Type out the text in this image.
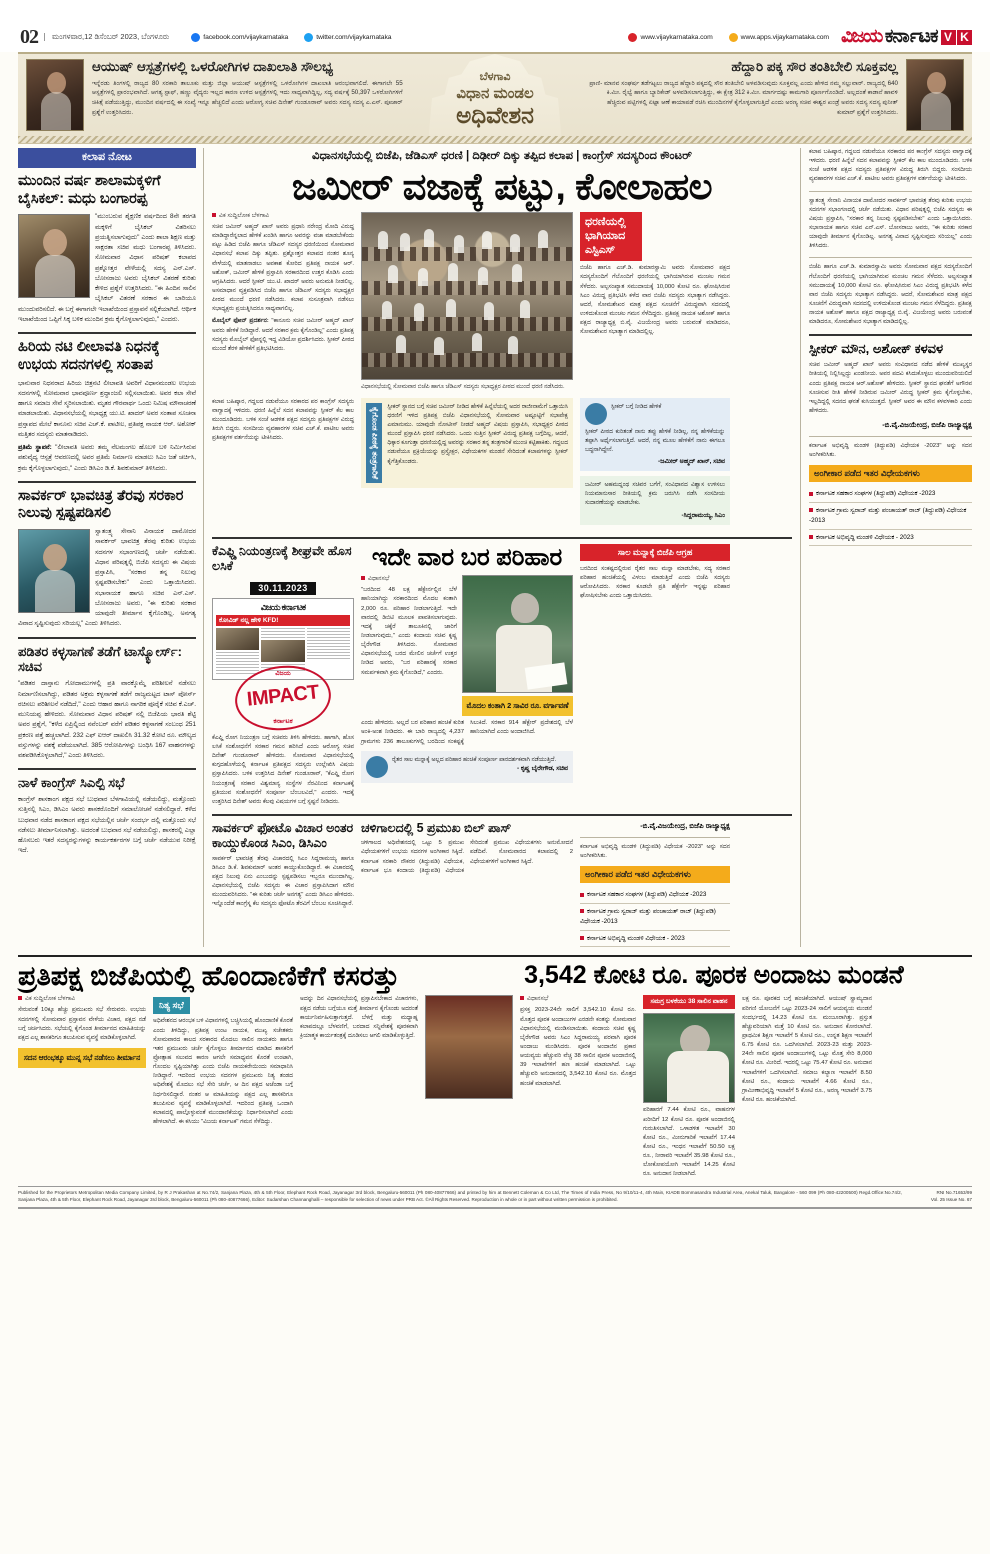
02	ಮಂಗಳವಾರ,12 ಡಿಸೆಂಬರ್ 2023, ಬೆಂಗಳೂರು	facebook.com/vijaykarnataka	twitter.com/vijaykarnataka	www.vijaykarnataka.com	www.apps.vijaykarnataka.com ವಿಜಯ ಕರ್ನಾಟಕ V K
ಆಯುಷ್ ಆಸ್ಪತ್ರೆಗಳಲ್ಲಿ ಒಳರೋಗಿಗಳ ದಾಖಲಾತಿ ಸೌಲಭ್ಯ
ಇನ್ನೆರಡು ತಿಂಗಳಲ್ಲಿ ರಾಜ್ಯದ 80 ಸರಕಾರಿ ತಾಲೂಕು ಮತ್ತು ಜಿಲ್ಲಾ ಆಯುಷ್ ಆಸ್ಪತ್ರೆಗಳಲ್ಲಿ ಒಳರೋಗಿಗಳ ದಾಖಲಾತಿ ಆರಂಭವಾಗಲಿದೆ. ಈಗಾಗಲೇ 55 ಆಸ್ಪತ್ರೆಗಳಲ್ಲಿ ಪ್ರಾರಂಭವಾಗಿದೆ. ಆಗತ್ಯ ಸ್ಟಾಫ್, ಹಣ್ಣು ವೈದ್ಯರು ಇಲ್ಲದ ಕಾರಣ ಉಳಿದ ಆಸ್ಪತ್ರೆಗಳಲ್ಲಿ ಇದು ಸಾಧ್ಯವಾಗಿದ್ದಿಲ್ಲ, ಸದ್ಯ ವರ್ಷಕ್ಕೆ 50,397 ಒಳರೋಗಿಗಳಿಗೆ ಚಿಕಿತ್ಸೆ ಪಡೆಯುತ್ತಿದ್ದು, ಮುಂದಿನ ವರ್ಷದಲ್ಲಿ ಈ ಸಂಖ್ಯೆ ಇನ್ನೂ ಹೆಚ್ಚಲಿದೆ ಎಂದು ಆರೋಗ್ಯ ಸಚಿವ ದಿನೇಶ್ ಗುಂಡೂರಾವ್ ಅವರು ಸದಸ್ಯ ಸದಸ್ಯ ಎ.ಎಸ್. ಪೂಜಾರ್ ಪ್ರಶ್ನೆಗೆ ಉತ್ತರಿಸಿದರು.
ಬೆಳಗಾವಿ
ವಿಧಾನ ಮಂಡಲ
ಅಧಿವೇಶನ
ಹೆದ್ದಾರಿ ಪಕ್ಕ ಸೌರ ತಂತಿಬೇಲಿ ಸೂಕ್ತವಲ್ಲ
ಪ್ರಾಣಿ- ಮಾನವ ಸಂಘರ್ಷ ತಡೆಗಟ್ಟಲು ರಾಜ್ಯದ ಹೆದ್ದಾರಿ ಪಕ್ಕದಲ್ಲಿ ಸೌರ ತಂತಿಬೇಲಿ ಅಳವಡಿಸುವುದು ಸೂಕ್ತವಲ್ಲ ಎಂದು ಹೇಳಿದ ನಮ್ಮ ಸಲ್ಲುವಾರ್. ರಾಜ್ಯದಲ್ಲಿ 640 ಕಿ.ಮೀ. ರೈಲ್ವೆ ಹಾಗೂ ಬ್ಯಾರಿಕೇಡ್ ಅಳವಡಿಸಲಾಗುತ್ತಿದ್ದು, ಈ ಕ್ಷೇತ್ರ 312 ಕಿ.ಮೀ. ಮಾರ್ಗದಷ್ಟು ಕಾಮಗಾರಿ ಪೂರ್ಣಗೊಂಡಿದೆ. ಅಲ್ಲದಂತೆ ಕಾಡಾನೆ ಹಾವಳಿ ಹೆಚ್ಚಿರುವ ಪಟ್ಟಿಗಳಲ್ಲಿ ಏಟ್ಟಾ ಆಣೆ ಕಾಯಾಪಡೆ ರಚಿಸಿ ಮುಂದಿನಗಳೆ ಕೈಗೊಳ್ಳಲಾಗುತ್ತಿದೆ ಎಂದು ಅರಣ್ಯ ಸಚಿವ ಈಶ್ವರ ಖಂಡ್ರೆ ಅವರು ಸದಸ್ಯ ಸದಸ್ಯ ಪುನೀತ್ ಕುಮಾರ್ ಪ್ರಶ್ನೆಗೆ ಉತ್ತರಿಸಿದರು.
ಕಲಾಪ ನೋಟ
ಮುಂದಿನ ವರ್ಷ ಶಾಲಾಮಕ್ಕಳಿಗೆ ಬೈಸಿಕಲ್: ಮಧು ಬಂಗಾರಪ್ಪ
"ಮುಂಬರುವ ಶೈಕ್ಷಣಿಕ ವರ್ಷದಿಂದ 8ನೇ ತರಗತಿ ಮಕ್ಕಳಿಗೆ ಬೈಸಿಕಲ್ ವಿತರಿಸಲು ಪ್ರಯತ್ನಿಸಲಾಗುವುದು" ಎಂದು ಶಾಲಾ ಶಿಕ್ಷಣ ಮತ್ತು ಸಾಕ್ಷರತಾ ಸಚಿವ ಮಧು ಬಂಗಾರಪ್ಪ ತಿಳಿಸಿದರು. ಸೋಮವಾರ ವಿಧಾನ ಪರಿಷತ್ ಕಲಾಪದ ಪ್ರಶ್ನೋತ್ತರ ವೇಳೆಯಲ್ಲಿ ಸದಸ್ಯ ಎನ್.ಎಸ್. ಬೋಸರಾಜು ಅವರು ಬೈಸಿಕಲ್ ವಿತರಣೆ ಕುರಿತು ಕೇಳಿದ ಪ್ರಶ್ನೆಗೆ ಉತ್ತರಿಸಿದರು. "ಈ ಹಿಂದಿನ ಸಾಲಿನ ಬೈಸಿಕಲ್ ವಿತರಣೆ ಸರಕಾರ ಈ ಬಾರಿಯೂ ಮುಂದುವರಿಸಲಿದೆ. ಈ ಬಗ್ಗೆ ಈಗಾಗಲೇ ಇಲಾಖೆಯಿಂದ ಪ್ರಸ್ತಾವನೆ ಸಲ್ಲಿಕೆಯಾಗಿದೆ. ಆರ್ಥಿಕ ಇಲಾಖೆಯಿಂದ ಒಪ್ಪಿಗೆ ಸಿಕ್ಕ ಬಳಿಕ ಮುಂದಿನ ಕ್ರಮ ಕೈಗೊಳ್ಳಲಾಗುವುದು," ಎಂದರು.
ಹಿರಿಯ ನಟಿ ಲೀಲಾವತಿ ನಿಧನಕ್ಕೆ ಉಭಯ ಸದನಗಳಲ್ಲಿ ಸಂತಾಪ
ಭಾನುವಾರ ನಿಧನರಾದ ಹಿರಿಯ ಚಿತ್ರನಟಿ ಲೀಲಾವತಿ ಅವರಿಗೆ ವಿಧಾನಮಂಡಲ ಉಭಯ ಸದನಗಳಲ್ಲಿ ಸೋಮವಾರ ಭಾವಪೂರ್ಣ ಶ್ರದ್ಧಾಂಜಲಿ ಸಲ್ಲಿಸಲಾಯಿತು. ಅವರ ಕಲಾ ಸೇವೆ ಹಾಗೂ ಸಮಾಜ ಸೇವೆ ಸ್ಮರಿಸಲಾಯಿತು. ಮೃತರ ಗೌರವಾರ್ಥ ಒಂದು ನಿಮಿಷ ಮೌನಾಚರಣೆ ಮಾಡಲಾಯಿತು. ವಿಧಾನಸಭೆಯಲ್ಲಿ ಸಭಾಧ್ಯಕ್ಷ ಯು.ಟಿ. ಖಾದರ್ ಅವರ ಸಂತಾಪ ಸೂಚನಾ ಪ್ರಸ್ತಾಪದ ಮೇಲೆ ಕಾನೂನು ಸಚಿವ ಎಚ್.ಕೆ. ಪಾಟೀಲ, ಪ್ರತಿಪಕ್ಷ ನಾಯಕ ಆರ್. ಅಶೋಕ್ ಮತ್ತಿತರ ಸದಸ್ಯರು ಮಾತನಾಡಿದರು.
ಪ್ರತಿಮೆ ಸ್ಥಾಪನೆ: "ಲೀಲಾವತಿ ಅವರು ತಮ್ಮ ನೆಲಮಂಗಲ ಹೊಬಳಿ ಬಳಿ ನಿರ್ಮಿಸಿರುವ ಪಶುವೈದ್ಯ ಆಸ್ಪತ್ರೆ ಆವರಣದಲ್ಲಿ ಅವರ ಪ್ರತಿಮೆ ನಿರ್ಮಾಣ ಮಾಡಲು ಸಿಎಂ ಜತೆ ಚರ್ಚಿಸಿ, ಕ್ರಮ ಕೈಗೊಳ್ಳಲಾಗುವುದು," ಎಂದು ಡಿಸಿಎಂ ಡಿ.ಕೆ. ಶಿವಕುಮಾರ್ ತಿಳಿಸಿದರು.
ಸಾವರ್ಕರ್ ಭಾವಚಿತ್ರ ತೆರವು ಸರಕಾರ ನಿಲುವು ಸ್ಪಷ್ಟಪಡಿಸಲಿ
ಸ್ವಾತಂತ್ರ್ಯ ಸೇನಾನಿ ವಿನಾಯಕ ದಾಮೋದರ ಸಾವರ್ಕರ್ ಭಾವಚಿತ್ರ ತೆರವು ಕುರಿತು ಉಭಯ ಸದನಗಳ ಸಭಾಂಗಣದಲ್ಲಿ ಚರ್ಚೆ ನಡೆಯಿತು. ವಿಧಾನ ಪರಿಷತ್ನಲ್ಲಿ ಬಿಜೆಪಿ ಸದಸ್ಯರು ಈ ವಿಷಯ ಪ್ರಸ್ತಾಪಿಸಿ, "ಸರಕಾರ ತನ್ನ ನಿಲುವು ಸ್ಪಷ್ಟಪಡಿಸಬೇಕು" ಎಂದು ಒತ್ತಾಯಿಸಿದರು. ಸಭಾನಾಯಕ ಹಾಗೂ ಸಚಿವ ಎನ್.ಎಸ್. ಬೋಸರಾಜು ಅವರು, "ಈ ಕುರಿತು ಸರಕಾರ ಯಾವುದೇ ತೀರ್ಮಾನ ಕೈಗೊಂಡಿಲ್ಲ. ಅನಗತ್ಯ ವಿವಾದ ಸೃಷ್ಟಿಸುವುದು ಸರಿಯಲ್ಲ" ಎಂದು ತಿಳಿಸಿದರು.
ಪಡಿತರ ಕಳ್ಳಸಾಗಣೆ ತಡೆಗೆ ಟಾಸ್ಕ್ಫೋರ್ಸ್: ಸಚಿವ
"ಪಡಿತರ ದಾಸ್ತಾನು ಗೋದಾಮುಗಳಲ್ಲಿ ಪ್ರತಿ ವಾರಕ್ಕೊಮ್ಮೆ ಪರಿಶೀಲನೆ ನಡೆಸಲು ನಿರ್ಮಾಣಿಸಲಾಗಿದ್ದು, ಪಡಿತರ ಅಕ್ರಮ ಕಳ್ಳಸಾಗಣೆ ತಡೆಗೆ ರಾಜ್ಯಮಟ್ಟದ ಟಾಸ್ ಪೋರ್ಸ್ ರಚಿಸಲು ಪರಿಶೀಲನೆ ನಡೆದಿದೆ," ಎಂದು ಆಹಾರ ಹಾಗೂ ನಾಗರಿಕ ಪೂರೈಕೆ ಸಚಿವ ಕೆ.ಎಚ್. ಮುನಿಯಪ್ಪ ಹೇಳಿದರು. ಸೋಮವಾರ ವಿಧಾನ ಪರಿಷತ್ ನಲ್ಲಿ ಬಿಜೆಪಿಯ ಭಾರತಿ ಶೆಟ್ಟಿ ಅವರ ಪ್ರಶ್ನೆಗೆ, "ಕಳೆದ ಏಪ್ರಿಲ್ನಿಂದ ನವೆಂಬರ್ ವರೆಗೆ ಪಡಿತರ ಕಳ್ಳಸಾಗಣೆ ಸಂಬಂಧ 251 ಪ್ರಕರಣ ಪತ್ತೆ ಹಚ್ಚಲಾಗಿದೆ. 232 ಎಫ್ ಐಆರ್ ದಾಖಲಿಸಿ 31.32 ಕೋಟಿ ರೂ. ಮೌಲ್ಯದ ವಸ್ತುಗಳನ್ನು ವಶಕ್ಕೆ ಪಡೆಯಲಾಗಿದೆ. 385 ಆರೋಪಿಗಳನ್ನು ಬಂಧಿಸಿ 167 ವಾಹನಗಳನ್ನು ವಶಪಡಿಸಿಕೊಳ್ಳಲಾಗಿದೆ," ಎಂದು ತಿಳಿಸಿದರು.
ನಾಳೆ ಕಾಂಗ್ರೆಸ್ ಸಿಎಲ್ಪಿ ಸಭೆ
ಕಾಂಗ್ರೆಸ್ ಶಾಸಕಾಂಗ ಪಕ್ಷದ ಸಭೆ ಬುಧವಾರ ಬೆಳಗಾವಿಯಲ್ಲಿ ನಡೆಯಲಿದ್ದು, ಮತ್ತೊಂದು ಸುತ್ತಿನಲ್ಲಿ ಸಿಎಂ, ಡಿಸಿಎಂ ಅವರು ಶಾಸಕರೊಂದಿಗೆ ಸಮಾಲೋಚನೆ ನಡೆಸಲಿದ್ದಾರೆ. ಕಳೆದ ಬುಧವಾರ ನಡೆದ ಶಾಸಕಾಂಗ ಪಕ್ಷದ ಸಭೆಯಲ್ಲಿನ ಚರ್ಚೆ ಸಂದರ್ಭ ದಲ್ಲಿ ಮತ್ತೊಂದು ಸಭೆ ನಡೆಸಲು ತೀರ್ಮಾನಿಸಲಾಗಿತ್ತು. ಅದರಂತೆ ಬುಧವಾರ ಸಭೆ ನಡೆಯಲಿದ್ದು, ಶಾಸಕರಲ್ಲಿ ಎಲ್ಲಾ ಹೊಸಬರು ಇತರೆ ಸದಸ್ಯರನ್ನುಗಳನ್ನು ಕಾರ್ಯಕರ್ತರಗಳ ಬಗ್ಗೆ ಚರ್ಚೆ ನಡೆಯುವ ನಿರೀಕ್ಷೆ ಇದೆ.
ವಿಧಾನಸಭೆಯಲ್ಲಿ ಬಿಜೆಪಿ, ಜೆಡಿಎಸ್ ಧರಣಿ | ದಿಢೀರ್ ದಿಕ್ಕು ತಪ್ಪಿದ ಕಲಾಪ | ಕಾಂಗ್ರೆಸ್ ಸದಸ್ಯರಿಂದ ಕೌಂಟರ್
ಜಮೀರ್ ವಜಾಕ್ಕೆ ಪಟ್ಟು, ಕೋಲಾಹಲ
ವಿಕ ಸುದ್ದಿಲೋಕ ಬೆಳಗಾವಿ
ಸಚಿವ ಜಮೀರ್ ಅಹ್ಮದ್ ಖಾನ್ ಅವರು ಪ್ರಧಾನಿ ನರೇಂದ್ರ ಮೋದಿ ವಿರುದ್ಧ ಮಾಡಿದ್ದಾರೆನ್ನಲಾದ ಹೇಳಿಕೆ ಖಂಡಿಸಿ ಹಾಗೂ ಅವರನ್ನು ವಜಾ ಮಾಡಬೇಕೆಂದು ಪಟ್ಟು ಹಿಡಿದ ಬಿಜೆಪಿ ಹಾಗೂ ಜೆಡಿಎಸ್ ಸದಸ್ಯರ ಧರಣಿಯಿಂದ ಸೋಮವಾರ ವಿಧಾನಸಭೆ ಕಲಾಪ ದಿಕ್ಕು ತಪ್ಪಿತು. ಪ್ರಶ್ನೋತ್ತರ ಕಲಾಪದ ನಂತರ ಶೂನ್ಯ ವೇಳೆಯಲ್ಲಿ ಮಾತನಾಡಲು ಅವಕಾಶ ಕೋರಿದ ಪ್ರತಿಪಕ್ಷ ನಾಯಕ ಆರ್. ಅಶೋಕ್, ಜಮೀರ್ ಹೇಳಿಕೆ ಪ್ರಸ್ತಾಪಿಸಿ ಸರಕಾರದಿಂದ ಉತ್ತರ ಕೊಡಿಸಿ ಎಂದು ಆಗ್ರಹಿಸಿದರು. ಆದರೆ ಸ್ಪೀಕರ್ ಯು.ಟಿ. ಖಾದರ್ ಅವರು ಅನುಮತಿ ನೀಡಲಿಲ್ಲ. ಅಸಮಾಧಾನ ವ್ಯಕ್ತಪಡಿಸಿದ ಬಿಜೆಪಿ ಹಾಗೂ ಜೆಡಿಎಸ್ ಸದಸ್ಯರು ಸಭಾಧ್ಯಕ್ಷರ ಪೀಠದ ಮುಂದೆ ಧರಣಿ ನಡೆಸಿದರು. ಕಲಾಪ ಸುಸೂತ್ರವಾಗಿ ನಡೆಸಲು ಸಭಾಧ್ಯಕ್ಷರು ಪ್ರಯತ್ನಿಸಿದರೂ ಸಾಧ್ಯವಾಗಲಿಲ್ಲ.
ಮೊಬೈಲ್ ಫೋನ್ ಪ್ರದರ್ಶನ: "ಕಾನೂನು ಸಚಿವ ಜಮೀರ್ ಅಹ್ಮದ್ ಖಾನ್ ಅವರು ಹೇಳಿಕೆ ನೀಡಿದ್ದಾರೆ. ಆದರೆ ಸರಕಾರ ಕ್ರಮ ಕೈಗೊಂಡಿಲ್ಲ" ಎಂದು ಪ್ರತಿಪಕ್ಷ ಸದಸ್ಯರು ಮೊಬೈಲ್ ಫೋನ್ನಲ್ಲಿ ಇದ್ದ ವಿಡಿಯೋ ಪ್ರದರ್ಶಿಸಿದರು. ಸ್ಪೀಕರ್ ಪೀಠದ ಮುಂದೆ ತೆರಳಿ ಹೇಳಿಕೆಗೆ ಪ್ರತಿಭಟಿಸಿದರು.
ವಿಧಾನಸಭೆಯಲ್ಲಿ ಸೋಮವಾರ ಬಿಜೆಪಿ ಹಾಗೂ ಜೆಡಿಎಸ್ ಸದಸ್ಯರು ಸಭಾಧ್ಯಕ್ಷರ ಪೀಠದ ಮುಂದೆ ಧರಣಿ ನಡೆಸಿದರು.
ಧರಣಿಯಲ್ಲಿ ಭಾಗಿಯಾದ ಎಸ್ಟಿಎಸ್
ಬಿಜೆಪಿ ಹಾಗೂ ಎಚ್.ಡಿ. ಕುಮಾರಸ್ವಾಮಿ ಅವರು ಸೋಮವಾರ ಪಕ್ಷದ ಸದಸ್ಯರೊಂದಿಗೆ ಗೆಲೊಂದಿಗೆ ಧರಣಿಯಲ್ಲಿ ಭಾಗಿಯಾಗಿರುವ ಮಂಚಲ ಗಮನ ಸೆಳೆದರು. ಅಲ್ಪಸಂಖ್ಯಾತ ಸಮುದಾಯಕ್ಕೆ 10,000 ಕೋಟಿ ರೂ. ಘೋಷಿಸಿರುವ ಸಿಎಂ ವಿರುದ್ಧ ಪ್ರತಿಭಟಿಸಿ ಕಳೆದ ವಾರ ಬಿಜೆಪಿ ಸದಸ್ಯರು ಸಭಾತ್ಯಾಗ ನಡೆಸಿದ್ದರು. ಆದರೆ, ಸೋಮಶೇಖರ ಮಾತ್ರ ಪಕ್ಷದ ಸೂಚನೆಗೆ ವಿರುದ್ಧವಾಗಿ ಸದನದಲ್ಲಿ ಉಳಿದುಕೊಂಡ ಮಂಚಲ ಗಮನ ಸೆಳೆದಿದ್ದರು. ಪ್ರತಿಪಕ್ಷ ನಾಯಕ ಅಶೋಕ್ ಹಾಗೂ ಪಕ್ಷದ ರಾಜ್ಯಾಧ್ಯಕ್ಷ ಬಿ.ವೈ. ವಿಜಯೇಂದ್ರ ಅವರು ಬರುವಂತೆ ಮಾಡಿದರೂ, ಸೋಮಶೇಖರ ಸಭಾತ್ಯಾಗ ಮಾಡಿದಲ್ಲಿಲ್ಲ.
ಕಲಾಪ ಬಹಿಷ್ಕಾರ, ಗದ್ದಲದ ನಡುವೆಯೂ ಸರಕಾರದ ಪರ ಕಾಂಗ್ರೆಸ್ ಸದಸ್ಯರು ವಾಗ್ವಾದಕ್ಕೆ ಇಳಿದರು. ಧರಣಿ ಹಿನ್ನೆಲೆ ಸದನ ಕಲಾಪವನ್ನು ಸ್ಪೀಕರ್ ಕೆಲ ಕಾಲ ಮುಂದೂಡಿದರು. ಬಳಿಕ ಸಂಜೆ ಆಡಳಿತ ಪಕ್ಷದ ಸದಸ್ಯರು ಪ್ರತಿಪಕ್ಷಗಳ ವಿರುದ್ಧ ತಿರುಗಿ ಬಿದ್ದರು. ಸಂಸದೀಯ ವ್ಯವಹಾರಗಳ ಸಚಿವ ಎಚ್.ಕೆ. ಪಾಟೀಲ ಅವರು ಪ್ರತಿಪಕ್ಷಗಳ ವರ್ತನೆಯನ್ನು ಟೀಕಿಸಿದರು.	ಕೈಗೊಂಡ ಪೀಠಕ್ಕೆ ತಂತ್ರಗಾರಿಕೆ	ಸ್ಪೀಕರ್ ಸ್ಥಾನದ ಬಗ್ಗೆ ಸಚಿವ ಜಮೀರ್ ನೀಡಿದ ಹೇಳಿಕೆ ಹಿನ್ನೆಲೆಯಲ್ಲಿ ಅದರ ರಾಜೀನಾಮೆಗೆ ಒತ್ತಾಯಿಸಿ ಧರಣಿಗೆ ಇಳಿದ ಪ್ರತಿಪಕ್ಷ ಬಿಜೆಪಿ ವಿಧಾನಸಭೆಯಲ್ಲಿ ಸೋಮವಾರ ಅಷ್ಟೂಟ್ಟಿಗೆ ಸಭಾಪೇಕ್ಷ ಎಮಾನುಮು. ಯಾವುದೇ ನೋಟೀಸ್ ನೀಡದೆ ಅಹ್ಮದ್ ವಿಷಯ ಪ್ರಸ್ತಾಪಿಸಿ, ಸಭಾಧ್ಯಕ್ಷರ ಪೀಠದ ಮುಂದೆ ಪ್ರಸ್ತಾಪಿಸಿ ಧರಣಿ ನಡೆಸಿದರು. ಒಂದು ಸುತ್ತಿನ ಸ್ಪೀಕರ್ ವಿರುದ್ಧ ಪ್ರತಿಪಕ್ಷ ಬಗ್ಗೆದಿಲ್ಲ, ಆದರೆ, ಧಿಕ್ಕಾರ ಕೂಗುತ್ತಾ ಧರಣಿಯಲ್ಲಿದ್ದ ಅವರನ್ನು ಸರಕಾರ ತನ್ನ ತಂತ್ರಗಾರಿಕೆ ಮುಂಚಿ ಕಟ್ಟಿಹಾಕಿತು. ಗದ್ದಲದ ನಡುವೆಯೂ ಪ್ರಕ್ರಿಯೆಯನ್ನು ಪ್ರಸ್ತ್ಯೇಕ್ಷರ, ವಿಧೇಯಕಗಳ ಮಂಡನೆ ಸೇರಿದಂತೆ ಕಲಾಪಗಳನ್ನು ಸ್ಪೀಕರ್ ಕೈಗೆತ್ತಿಕೊಂಡರು.
ಸ್ಪೀಕರ್ ಬಗ್ಗೆ ನೀಡಿದ ಹೇಳಿಕೆ
ಸ್ಪೀಕರ್ ಪೀಠದ ಕುರಿತಂತೆ ನಾನು ತಪ್ಪು ಹೇಳಿಕೆ ನೀಡಿಲ್ಲ, ನನ್ನ ಹೇಳಿಕೆಯನ್ನು ತಪ್ಪಾಗಿ ಅರ್ಥೈಸಲಾಗುತ್ತಿದೆ. ಆದರೆ, ನನ್ನ ಮೂಲ ಹೇಳಿಕೆಗೆ ನಾನು ಈಗಲೂ ಬದ್ಧನಾಗಿದ್ದೇನೆ.
-ಜಮೀರ್ ಅಹ್ಮದ್ ಖಾನ್, ಸಚಿವ
ಜಮೀರ್ ಅಹಮದ್ನಂಥ ಸಚಿವರ ಬಗೆಗೆ, ಸಂವಿಧಾನದ ವಿಶ್ವಾಸ ಉಳಿಸಲು ನಿಯಮಾನುಸಾರ ರೀತಿಯಲ್ಲಿ ಕ್ರಮ ಜರುಗಿಸಿ ನಡೆಸಿ ಸಂಸದೀಯ ಸುದಾರಣೆಯನ್ನು ಮಾಡಬೇಕು.
-ಸಿದ್ದರಾಮಯ್ಯ, ಸಿಎಂ
ಕೆಎಫ್ಡಿ ನಿಯಂತ್ರಣಕ್ಕೆ ಶೀಘ್ರವೇ ಹೊಸ ಲಸಿಕೆ
30.11.2023
ವಿಜಯ ಕರ್ನಾಟಕ
ಕೋವಿಡ್ ನಲ್ಲ ಹೇಳಿ KFD!
ವಿಜಯ
IMPACT
ಕರ್ನಾಟಕ
ಕೆಎಫ್ಡಿ ರೋಗ ನಿಯಂತ್ರಣ ಬಗ್ಗೆ ಸಚಿವರು ತಿಳಿಸಿ ಹೇಳಿದರು. ಹಾಗಾಗಿ, ಹೊಸ ಲಸಿಕೆ ಸಂಶೋಧನೆಗೆ ಸರಕಾರ ಗಮನ ಹರಿಸಿದೆ ಎಂದು ಆರೋಗ್ಯ ಸಚಿವ ದಿನೇಶ್ ಗುಂಡೂರಾವ್ ಹೇಳಿದರು. ಸೋಮವಾರ ವಿಧಾನಸಭೆಯಲ್ಲಿ ಕುಗ್ಗದಹೊಳೆಯಲ್ಲಿ ಕರ್ನಾಟಕ ಪ್ರತಿಪಕ್ಷದ ಸದಸ್ಯರು ಉಲ್ಲೇಖಿಸಿ ವಿಷಯ ಪ್ರಸ್ತಾಪಿಸಿದರು. ಬಳಿಕ ಉತ್ತರಿಸಿದ ದಿನೇಶ್ ಗುಂಡೂರಾವ್, "ಕೆಎಫ್ಡಿ ರೋಗ ನಿಯಂತ್ರಣಕ್ಕೆ ಸರಕಾರ ವಿಶ್ವಮಾನ್ಯ ಸಂಸ್ಥೆಗಳ ನೆರವಿನಿಂದ ಕರ್ನಾಟಕಕ್ಕೆ ಪ್ರತಿಯುವ ಸಂಶೋಧನೆಗೆ ಸಂಪೂರ್ಣ ಬೆಂಬಲವಿದೆ," ಎಂದರು. ಇದಕ್ಕೆ ಉತ್ತರಿಸಿದ ದಿನೇಶ್ ಅವರು ಕೆಲವು ವಿಷಯಗಳ ಬಗ್ಗೆ ಸ್ಪಷ್ಟನೆ ನೀಡಿದರು.
ಇದೇ ವಾರ ಬರ ಪರಿಹಾರ
ವಿಧಾನಸಭೆ
"ಬರದಿಂದ 48 ಲಕ್ಷ ಹೆಕ್ಟೇರ್ನಲ್ಲಿನ ಬೆಳೆ ಹಾನಿಯಾಗಿದ್ದು ಸರಕಾರದಿಂದ ಮೊದಲ ಕಂತಾಗಿ 2,000 ರೂ. ಪರಿಹಾರ ನೀಡಲಾಗುತ್ತಿದೆ. ಇದೇ ವಾರದಲ್ಲಿ ಡಿಬಿಟಿ ಮೂಲಕ ಪಾವತಿಸಲಾಗುವುದು. ಇದಕ್ಕೆ ಚಕ್ಕೆರೆ ತಾಲೂಕಿನಲ್ಲಿ ಜಾರಿಗೆ ನೀಡಲಾಗುವುದು," ಎಂದು ಕಂದಾಯ ಸಚಿವ ಕೃಷ್ಣ ಬೈರೇಗೌಡ ತಿಳಿಸಿದರು. ಸೋಮವಾರ ವಿಧಾನಸಭೆಯಲ್ಲಿ ಬರದ ಮೇಲಿನ ಚರ್ಚೆಗೆ ಉತ್ತರ ನೀಡಿದ ಅವರು, "ಬರ ಪರಿಹಾರಕ್ಕೆ ಸರಕಾರ ಸಮರ್ಪಕವಾಗಿ ಕ್ರಮ ಕೈಗೊಂಡಿದೆ," ಎಂದರು.
ಮೊದಲ ಕಂತಾಗಿ 2 ಸಾವಿರ ರೂ. ವರ್ಗಾವಣೆ
ಎಂದು ಹೇಳಿದರು. ಅಲ್ಲದೆ ಬರ ಪರಿಹಾರ ಹಂಚಿಕೆ ಕುರಿತ ಅಂಕಿ-ಅಂಶ ನೀಡಿದರು. ಈ ಬಾರಿ ರಾಜ್ಯದಲ್ಲಿ 4,237 ಗ್ರಾಮಗಳು 236 ತಾಲೂಕುಗಳಲ್ಲಿ ಬರದಿಂದ ಸಂಕಷ್ಟಕ್ಕೆ ಸಿಲುಕಿದೆ. ಸರಕಾರ 914 ಹೆಕ್ಟೇರ್ ಪ್ರದೇಶದಲ್ಲಿ ಬೆಳೆ ಹಾನಿಯಾಗಿದೆ ಎಂದು ಅಂದಾಜಿಸಿದೆ.
ರೈತರ ಸಾಲ ಮನ್ನಾಕ್ಕೆ ಅಲ್ಲದ ಪರಿಹಾರ ಹಂಚಿಕೆ ಸಂಪೂರ್ಣ ಪಾರದರ್ಶಕವಾಗಿ ನಡೆಯುತ್ತಿದೆ.
- ಕೃಷ್ಣ ಬೈರೇಗೌಡ, ಸಚಿವ
ಸಾಲ ಮನ್ನಾಕ್ಕೆ ಬಿಜೆಪಿ ಆಗ್ರಹ
ಬರದಿಂದ ಸಂಕಷ್ಟದಲ್ಲಿರುವ ರೈತರ ಸಾಲ ಮನ್ನಾ ಮಾಡಬೇಕು, ಸದ್ಯ ಸರಕಾರ ಪರಿಹಾರ ಹಂಚಿಕೆಯಲ್ಲಿ ವಿಳಂಬ ಮಾಡುತ್ತಿದೆ ಎಂದು ಬಿಜೆಪಿ ಸದಸ್ಯರು ಆರೋಪಿಸಿದರು. ಸರಕಾರ ಕೂಡಲೇ ಪ್ರತಿ ಹೆಕ್ಟೇರ್ಗೆ ಇನ್ನಷ್ಟು ಪರಿಹಾರ ಘೋಷಿಸಬೇಕು ಎಂದು ಒತ್ತಾಯಿಸಿದರು.
ಸಾವರ್ಕರ್ ಫೋಟೊ ವಿಚಾರ ಅಂತರ ಕಾಯ್ದುಕೊಂಡ ಸಿಎಂ, ಡಿಸಿಎಂ
ಸಾವರ್ಕರ್ ಭಾವಚಿತ್ರ ತೆರವು ವಿಚಾರದಲ್ಲಿ ಸಿಎಂ ಸಿದ್ದರಾಮಯ್ಯ ಹಾಗೂ ಡಿಸಿಎಂ ಡಿ.ಕೆ. ಶಿವಕುಮಾರ್ ಅಂತರ ಕಾಯ್ದುಕೊಂಡಿದ್ದಾರೆ. ಈ ವಿಚಾರದಲ್ಲಿ ಪಕ್ಷದ ನಿಲುವು ಏನು ಎಂಬುದನ್ನು ಸ್ಪಷ್ಟಪಡಿಸಲು ಇಬ್ಬರೂ ಮುಂದಾಗಿಲ್ಲ. ವಿಧಾನಸಭೆಯಲ್ಲಿ ಬಿಜೆಪಿ ಸದಸ್ಯರು ಈ ವಿಚಾರ ಪ್ರಸ್ತಾಪಿಸಿದಾಗ ಮೌನ ಮುಂದುವರಿಸಿದರು. "ಈ ಕುರಿತು ಚರ್ಚೆ ಅನಗತ್ಯ" ಎಂದು ಡಿಸಿಎಂ ಹೇಳಿದರು. ಇನ್ನೊಂದೆಡೆ ಕಾಂಗ್ರೆಸ್ನ ಕೆಲ ಸದಸ್ಯರು ಫೋಟೊ ತೆರವಿಗೆ ಬೆಂಬಲ ಸೂಚಿಸಿದ್ದಾರೆ.
ಚಳಿಗಾಲದಲ್ಲಿ 5 ಪ್ರಮುಖ ಬಿಲ್ ಪಾಸ್
ಚಳಿಗಾಲದ ಅಧಿವೇಶನದಲ್ಲಿ ಒಟ್ಟು 5 ಪ್ರಮುಖ ವಿಧೇಯಕಗಳಿಗೆ ಉಭಯ ಸದನಗಳ ಅಂಗೀಕಾರ ಸಿಕ್ಕಿದೆ. ಕರ್ನಾಟಕ ಸರಕಾರಿ ನೌಕರರ (ತಿದ್ದುಪಡಿ) ವಿಧೇಯಕ, ಕರ್ನಾಟಕ ಭೂ ಕಂದಾಯ (ತಿದ್ದುಪಡಿ) ವಿಧೇಯಕ ಸೇರಿದಂತೆ ಪ್ರಮುಖ ವಿಧೇಯಕಗಳು ಅನುಮೋದನೆ ಪಡೆದಿವೆ. ಸೋಮವಾರದ ಕಲಾಪದಲ್ಲಿ 2 ವಿಧೇಯಕಗಳಿಗೆ ಅಂಗೀಕಾರ ಸಿಕ್ಕಿದೆ.
-ಬಿ.ವೈ.ವಿಜಯೇಂದ್ರ, ಬಿಜೆಪಿ ರಾಜ್ಯಾಧ್ಯಕ್ಷ
ಕರ್ನಾಟಕ ಅಭಿವೃದ್ಧಿ ಮಂಡಳಿ (ತಿದ್ದುಪಡಿ) ವಿಧೇಯಕ -2023" ಅನ್ನು ಸದನ ಅಂಗೀಕರಿಸಿತು.
ಅಂಗೀಕಾರ ಪಡೆದ ಇತರ ವಿಧೇಯಕಗಳು
ಕರ್ನಾಟಕ ಸಹಕಾರ ಸಂಘಗಳ (ತಿದ್ದುಪಡಿ) ವಿಧೇಯಕ -2023
ಕರ್ನಾಟಕ ಗ್ರಾಮ ಸ್ವರಾಜ್ ಮತ್ತು ಪಂಚಾಯತ್ ರಾಜ್ (ತಿದ್ದುಪಡಿ) ವಿಧೇಯಕ -2013
ಕರ್ನಾಟಕ ಅಭಿವೃದ್ಧಿ ಮಂಡಳಿ ವಿಧೇಯಕ - 2023
ಕಲಾಪ ಬಹಿಷ್ಕಾರ, ಗದ್ದಲದ ನಡುವೆಯೂ ಸರಕಾರದ ಪರ ಕಾಂಗ್ರೆಸ್ ಸದಸ್ಯರು ವಾಗ್ವಾದಕ್ಕೆ ಇಳಿದರು. ಧರಣಿ ಹಿನ್ನೆಲೆ ಸದನ ಕಲಾಪವನ್ನು ಸ್ಪೀಕರ್ ಕೆಲ ಕಾಲ ಮುಂದೂಡಿದರು. ಬಳಿಕ ಸಂಜೆ ಆಡಳಿತ ಪಕ್ಷದ ಸದಸ್ಯರು ಪ್ರತಿಪಕ್ಷಗಳ ವಿರುದ್ಧ ತಿರುಗಿ ಬಿದ್ದರು. ಸಂಸದೀಯ ವ್ಯವಹಾರಗಳ ಸಚಿವ ಎಚ್.ಕೆ. ಪಾಟೀಲ ಅವರು ಪ್ರತಿಪಕ್ಷಗಳ ವರ್ತನೆಯನ್ನು ಟೀಕಿಸಿದರು.
ಸ್ವಾತಂತ್ರ್ಯ ಸೇನಾನಿ ವಿನಾಯಕ ದಾಮೋದರ ಸಾವರ್ಕರ್ ಭಾವಚಿತ್ರ ತೆರವು ಕುರಿತು ಉಭಯ ಸದನಗಳ ಸಭಾಂಗಣದಲ್ಲಿ ಚರ್ಚೆ ನಡೆಯಿತು. ವಿಧಾನ ಪರಿಷತ್ನಲ್ಲಿ ಬಿಜೆಪಿ ಸದಸ್ಯರು ಈ ವಿಷಯ ಪ್ರಸ್ತಾಪಿಸಿ, "ಸರಕಾರ ತನ್ನ ನಿಲುವು ಸ್ಪಷ್ಟಪಡಿಸಬೇಕು" ಎಂದು ಒತ್ತಾಯಿಸಿದರು. ಸಭಾನಾಯಕ ಹಾಗೂ ಸಚಿವ ಎನ್.ಎಸ್. ಬೋಸರಾಜು ಅವರು, "ಈ ಕುರಿತು ಸರಕಾರ ಯಾವುದೇ ತೀರ್ಮಾನ ಕೈಗೊಂಡಿಲ್ಲ. ಅನಗತ್ಯ ವಿವಾದ ಸೃಷ್ಟಿಸುವುದು ಸರಿಯಲ್ಲ" ಎಂದು ತಿಳಿಸಿದರು.
ಬಿಜೆಪಿ ಹಾಗೂ ಎಚ್.ಡಿ. ಕುಮಾರಸ್ವಾಮಿ ಅವರು ಸೋಮವಾರ ಪಕ್ಷದ ಸದಸ್ಯರೊಂದಿಗೆ ಗೆಲೊಂದಿಗೆ ಧರಣಿಯಲ್ಲಿ ಭಾಗಿಯಾಗಿರುವ ಮಂಚಲ ಗಮನ ಸೆಳೆದರು. ಅಲ್ಪಸಂಖ್ಯಾತ ಸಮುದಾಯಕ್ಕೆ 10,000 ಕೋಟಿ ರೂ. ಘೋಷಿಸಿರುವ ಸಿಎಂ ವಿರುದ್ಧ ಪ್ರತಿಭಟಿಸಿ ಕಳೆದ ವಾರ ಬಿಜೆಪಿ ಸದಸ್ಯರು ಸಭಾತ್ಯಾಗ ನಡೆಸಿದ್ದರು. ಆದರೆ, ಸೋಮಶೇಖರ ಮಾತ್ರ ಪಕ್ಷದ ಸೂಚನೆಗೆ ವಿರುದ್ಧವಾಗಿ ಸದನದಲ್ಲಿ ಉಳಿದುಕೊಂಡ ಮಂಚಲ ಗಮನ ಸೆಳೆದಿದ್ದರು. ಪ್ರತಿಪಕ್ಷ ನಾಯಕ ಅಶೋಕ್ ಹಾಗೂ ಪಕ್ಷದ ರಾಜ್ಯಾಧ್ಯಕ್ಷ ಬಿ.ವೈ. ವಿಜಯೇಂದ್ರ ಅವರು ಬರುವಂತೆ ಮಾಡಿದರೂ, ಸೋಮಶೇಖರ ಸಭಾತ್ಯಾಗ ಮಾಡಿದಲ್ಲಿಲ್ಲ.
ಸ್ಪೀಕರ್ ಮೌನ, ಅಶೋಕ್ ಕಳವಳ
ಸಚಿವ ಜಮೀರ್ ಅಹ್ಮದ್ ಖಾನ್ ಅವರು ಸಂವಿಧಾನದ ನಡೆದ ಹೇಳಿಕೆ ಮುಖ್ಯಸ್ಥರ ರೀತಿಯಲ್ಲಿ ನಿಲ್ಲಿಸಿಲ್ಲದ್ದು ಖಂಡನೀಯ. ಅವರ ಪದವಿ ಕಸಿದುಕೊಳ್ಳಲು ಮುಂದುವರಿಯಲಿದೆ ಎಂದು ಪ್ರತಿಪಕ್ಷ ನಾಯಕ ಆರ್.ಅಶೋಕ್ ಹೇಳಿದರು. ಸ್ಪೀಕರ್ ಸ್ಥಾನದ ಘನತೆಗೆ ಅಗೌರವ ಸೂಚಿಸುವ ರೀತಿ ಹೇಳಿಕೆ ನೀಡಿರುವ ಜಮೀರ್ ವಿರುದ್ಧ ಸ್ಪೀಕರ್ ಕ್ರಮ ಕೈಗೊಳ್ಳಬೇಕು, ಇಲ್ಲದಿದ್ದಲ್ಲಿ ಸದನದ ಘನತೆ ಕುಸಿಯುತ್ತದೆ. ಸ್ಪೀಕರ್ ಅವರ ಈ ಮೌನ ಕಳವಳಕಾರಿ ಎಂದು ಹೇಳಿದರು.
-ಬಿ.ವೈ.ವಿಜಯೇಂದ್ರ, ಬಿಜೆಪಿ ರಾಜ್ಯಾಧ್ಯಕ್ಷ
ಕರ್ನಾಟಕ ಅಭಿವೃದ್ಧಿ ಮಂಡಳಿ (ತಿದ್ದುಪಡಿ) ವಿಧೇಯಕ -2023" ಅನ್ನು ಸದನ ಅಂಗೀಕರಿಸಿತು.
ಅಂಗೀಕಾರ ಪಡೆದ ಇತರ ವಿಧೇಯಕಗಳು
ಕರ್ನಾಟಕ ಸಹಕಾರ ಸಂಘಗಳ (ತಿದ್ದುಪಡಿ) ವಿಧೇಯಕ -2023
ಕರ್ನಾಟಕ ಗ್ರಾಮ ಸ್ವರಾಜ್ ಮತ್ತು ಪಂಚಾಯತ್ ರಾಜ್ (ತಿದ್ದುಪಡಿ) ವಿಧೇಯಕ -2013
ಕರ್ನಾಟಕ ಅಭಿವೃದ್ಧಿ ಮಂಡಳಿ ವಿಧೇಯಕ - 2023
ಪ್ರತಿಪಕ್ಷ ಬಿಜೆಪಿಯಲ್ಲಿ ಹೊಂದಾಣಿಕೆಗೆ ಕಸರತ್ತು	3,542 ಕೋಟಿ ರೂ. ಪೂರಕ ಅಂದಾಜು ಮಂಡನೆ
ವಿಕ ಸುದ್ದಿಲೋಕ ಬೆಳಗಾವಿ
ಸೇರುವಂತೆ 10ಕ್ಕೂ ಹೆಚ್ಚು ಪ್ರಮುಖರು ಸಭೆ ಸೇರುವರು. ಉಭಯ ಸದನಗಳಲ್ಲಿ ಸೋಮವಾರ ಪ್ರಸ್ತಾವನ ವೇಳೆಯ ವಿಚಾರ, ಪಕ್ಷದ ನಡೆ ಬಗ್ಗೆ ಚರ್ಚಿಸಿದರು. ಸಭೆಯಲ್ಲಿ ಕೈಗೊಂಡ ತೀರ್ಮಾನದ ಮಾಹಿತಿಯನ್ನು ಪಕ್ಷದ ಎಲ್ಲ ಶಾಸಕರಿಗೂ ತಲುಪಿಸುವ ವ್ಯವಸ್ಥೆ ಮಾಡಿಕೊಳ್ಳಲಾಗಿದೆ.
ಸದನ ಆರಂಭಕ್ಕೂ ಮುನ್ನ ಸಭೆ ನಡೆಸಲು ತೀರ್ಮಾನ
ನಿತ್ಯ ಸಭೆ
ಅಧಿವೇಶನದ ಆರಂಭಕ ಬಳಿ ವಿಧಾನಗಳಲ್ಲಿ ಬಚ್ಚಿಸಿಯಲ್ಲಿ ಹೊಂದಾಣಿಕೆ ಕೊರತೆ ಎಂದು ತಿಳಿದಿದ್ದು, ಪ್ರತಿಪಕ್ಷ ಉಂಟ ನಾಯಕ, ಮುಖ್ಯ ಸಚೇತಕರು ಸೋಮವಾರದ ಕಾಲದ ಸರಕಾರದ ಮೊದಲು ಸಾಲಿನ ನಾಯಕರು ಹಾಗೂ ಇತರ ಪ್ರಮುಖರು ಚರ್ಚೆ ಕೈಗೊಳ್ಳಲು ತೀರ್ಮಾನದ ಮಾಡಿದ ಶಾಸಕರಿಗೆ ಪ್ರೋತ್ಸಾಹ ಸಲುವದ ಕಾರಣ ಆಗಲೇ ಸಮಾಧ್ಯವನ ಕೊರತೆ ಉಂಟಾಗಿ, ಗೊಂದಲ ಸೃಷ್ಟಿಯಾಗಿತ್ತು ಎಂದು ಬಿಜೆಪಿ ನಾಯಕರೇಯಿಂದು ಸಮಾಧಾನಿಸಿ ನೀಡಿದ್ದಾರೆ. ಇದರಿಂದ ಉಭಯ ಸದನಗಳ ಪ್ರಮುಖರು ನಿತ್ಯ ತಂಡದ ಅಧಿವೇಶಕ್ಕೆ ಮೊದಲು ಸಭೆ ಸೇರಿ ಚರ್ಚೆ, ಆ ದಿನ ಪಕ್ಷದ ಅಜೆಂಡಾ ಬಗ್ಗೆ ನಿರ್ಧರಿಸಲಿದ್ದಾರೆ. ನಂತರ ಆ ಮಾಹಿತಿಯನ್ನು ಪಕ್ಷದ ಎಲ್ಲ ಶಾಸಕರಿಗೂ ತಲುಪಿಸುವ ವ್ಯವಸ್ಥೆ ಮಾಡಿಕೊಳ್ಳಲಾಗಿದೆ. ಇದರಿಂದ ಪ್ರತಿಪಕ್ಷ ಒಂದಾಗಿ ಕಲಾಪದಲ್ಲಿ ಪಾಲ್ಗೊಳ್ಳುವಂತೆ ಮುಂದಾಣಿಕೆಯನ್ನು ನಿರ್ಧಾರಿಸಲಾಗಿದೆ ಎಂದು ಹೇಳಲಾಗಿದೆ. ಈ ಕಸಿಯು "ವಿಜಯ ಕರ್ನಾಟಕ" ಗಮನ ಸೆಳೆದಿದ್ದು.
ಅದನ್ನು ದಿನ ವಿಧಾನಸಭೆಯಲ್ಲಿ ಪ್ರಸ್ತಾಪಿಸಬೇಕಾದ ವಿಚಾರಗಳು, ಪಕ್ಷದ ನಡೆಯ ಬಗ್ಗೆಯೂ ಮತ್ತೆ ತೀರ್ಮಾನ ಕೈಗೊಂಡು ಅದರಂತೆ ಕಾರ್ಯನಿರ್ವಹಿಸುತ್ತಾಗುತ್ತದೆ. ಬೆಳಗ್ಗೆ ಮತ್ತು ಮಧ್ಯಾಹ್ನ ಕಲಾಪದಲ್ಲೂ ಬೆಳವಣಿಗೆ, ಬರದಾದ ಸನ್ನಿವೇಶಕ್ಕೆ ಪೂರಕವಾಗಿ ಕ್ರಿಯಾತ್ಮಕ ಕಾರ್ಯತಂತ್ರಕ್ಕೆ ದೂಡಿಸಲು ಆಗಲಿ ಮಾಡಿಕೊಳ್ಳುತ್ತಿದೆ.
ವಿಧಾನಸಭೆ
ಪ್ರಸಕ್ತ 2023-24ನೇ ಸಾಲಿಗೆ 3,542.10 ಕೋಟಿ ರೂ. ಮೊತ್ತದ ಪೂರಕ ಅಂದಾಜುಗಳ ಎರಡನೇ ಕಂತನ್ನು ಸೋಮವಾರ ವಿಧಾನಸಭೆಯಲ್ಲಿ ಮಂಡಿಸಲಾಯಿತು. ಕಂದಾಯ ಸಚಿವ ಕೃಷ್ಣ ಬೈರೇಗೌಡ ಅವರು ಸಿಎಂ ಸಿದ್ದರಾಮಯ್ಯ ಪರವಾಗಿ ಪೂರಕ ಅಂದಾಜು ಮಂಡಿಸಿದರು. ಪೂರಕ ಅಂದಾಜಿನ ಪ್ರಕಾರ ಆಯವ್ಯಯ ಹೆಚ್ಚುವರಿ ವೆಚ್ಚ 38 ಸಾಲಿನ ಪೂರಕ ಅಂದಾಜಿನಲ್ಲಿ 39 ಇಲಾಖೆಗಳಿಗೆ ಹಣ ಹಂಚಿಕೆ ಮಾಡಲಾಗಿದೆ. ಒಟ್ಟು ಹೆಚ್ಚುವರಿ ಅನುದಾನದಲ್ಲಿ 3,542.10 ಕೋಟಿ ರೂ. ಮೊತ್ತದ ಹಂಚಿಕೆ ಮಾಡಲಾಗಿದೆ.
ಸಮಗ್ರ ಬಳಕೆಯು 38 ಸಾಲಿನ ವಾಹನ
ಪರಿಹಾರಗೆ 7.44 ಕೋಟಿ ರೂ., ವಾಹನಗಳ ಖರೀದಿಗೆ 12 ಕೋಟಿ ರೂ. ಪೂರಕ ಅಂದಾಜಿನಲ್ಲಿ ಗುರುತಿಸಲಾಗಿದೆ. ಒಳಾಡಳಿತ ಇಲಾಖೆಗೆ 30 ಕೋಟಿ ರೂ., ಮೀನುಗಾರಿಕೆ ಇಲಾಖೆಗೆ 17.44 ಕೋಟಿ ರೂ., ಇಂಧನ ಇಲಾಖೆಗೆ 50.50 ಲಕ್ಷ ರೂ., ನೀರಾವರಿ ಇಲಾಖೆಗೆ 35.98 ಕೋಟಿ ರೂ., ಲೋಕೋಪಯೋಗಿ ಇಲಾಖೆಗೆ 14.25 ಕೋಟಿ ರೂ. ಅನುದಾನ ನೀಡಲಾಗಿದೆ.
ಲಕ್ಷ ರೂ. ಪೂರಕದ ಬಗ್ಗೆ ಹಂಚಿಕೆಯಾಗಿದೆ. ಆಯುಷ್ ಸ್ವಾಮ್ಯದಾನ ಪರಿಗಣಿ ಯೋಜನೆಗೆ ಒಟ್ಟು 2023-24 ಸಾಲಿಗೆ ಆಯವ್ಯಯ ಮಂಡನೆ ಸಂದರ್ಭದಲ್ಲಿ 14.23 ಕೋಟಿ ರೂ. ಮಂಜೂರಾಗಿತ್ತು. ಪ್ರಸ್ತುತ ಹೆಚ್ಚುವರಿಯಾಗಿ ಮತ್ತೆ 10 ಕೋಟಿ ರೂ. ಅನುದಾನ ಕೋರಲಾಗಿದೆ. ಪ್ರಾಥಮಿಕ ಶಿಕ್ಷಣ ಇಲಾಖೆಗೆ 5 ಕೋಟಿ ರೂ., ಉನ್ನತ ಶಿಕ್ಷಣ ಇಲಾಖೆಗೆ 6.75 ಕೋಟಿ ರೂ. ಒದಗಿಸಲಾಗಿದೆ. 2023-23 ಮತ್ತು 2023-24ನೇ ಸಾಲಿನ ಪೂರಕ ಅಂದಾಜುಗಳಲ್ಲಿ ಒಟ್ಟು ಮೊತ್ತ ಸೇರಿ 8,000 ಕೋಟಿ ರೂ. ಮೀರಿದೆ. ಇದರಲ್ಲಿ ಒಟ್ಟು 75.47 ಕೋಟಿ ರೂ. ಅನುದಾನ ಇಲಾಖೆಗಳಿಗೆ ಒದಗಿಸಲಾಗಿದೆ. ಸಮಾಜ ಕಲ್ಯಾಣ ಇಲಾಖೆಗೆ 8.50 ಕೋಟಿ ರೂ., ಕಂದಾಯ ಇಲಾಖೆಗೆ 4.66 ಕೋಟಿ ರೂ., ಗ್ರಾಮೀಣಾಭಿವೃದ್ಧಿ ಇಲಾಖೆಗೆ 5 ಕೋಟಿ ರೂ., ಅರಣ್ಯ ಇಲಾಖೆಗೆ 3.75 ಕೋಟಿ ರೂ. ಹಂಚಿಕೆಯಾಗಿದೆ.
Published for the Proprietors Metropolitan Media Company Limited, by R J Prakashan at No.74/2, Sanjana Plaza, 4th & 5th Floor, Elephant Rock Road, Jayanagar 3rd block, Bengaluru-560011 (Ph 080-40877666) and printed by him at Bennett Coleman & Co Ltd, The Times of India Press, No 9/10/11-4, 4th Main, KIADB Bommasandra Industrial Area, Anekal Taluk, Bangalore - 560 099 (Ph 080-42200500) Regd.Office:No.74/2, Sanjana Plaza, 4th & 5th Floor, Elephant Rock Road, Jayanagar 3rd block, Bengaluru-560011 (Ph 080-40877666), Editor: Sudarshan Channanghalli – responsible for selection of news under PRB Act. ©All Rights Reserved. Reproduction in whole or in part without written permission is prohibited.
RNI No.71653/99
Vol. 25 Issue No. 67
